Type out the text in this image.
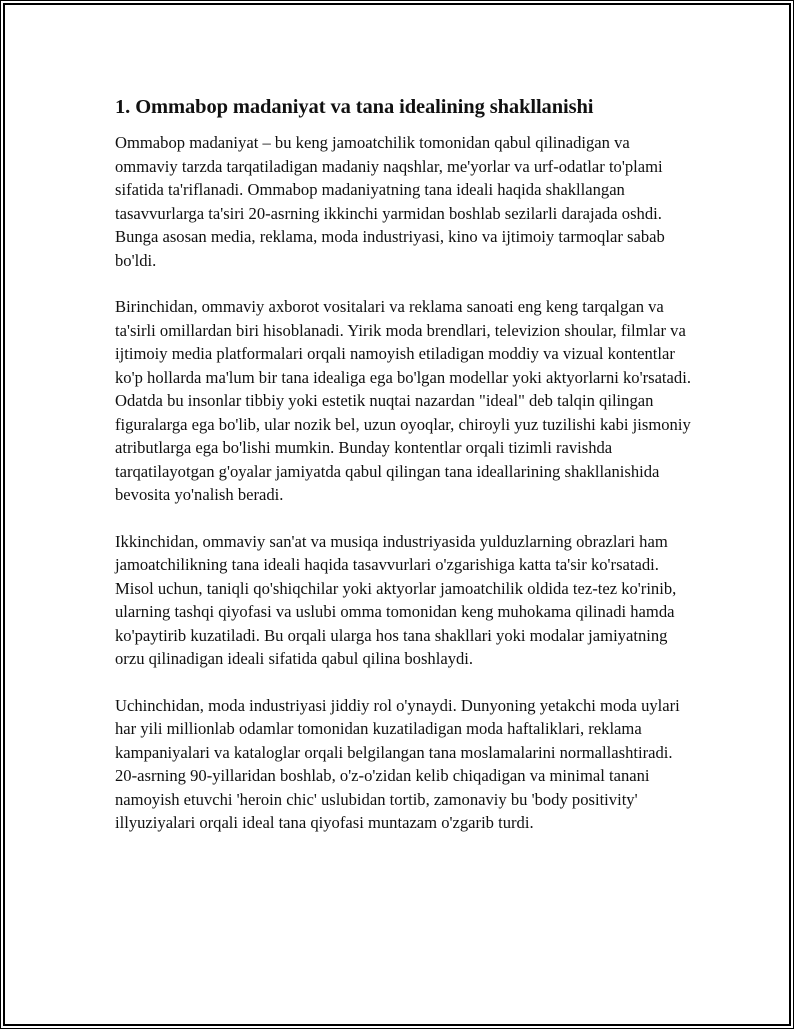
1. Ommabop madaniyat va tana idealining shakllanishi

Ommabop madaniyat – bu keng jamoatchilik tomonidan qabul qilinadigan va ommaviy tarzda tarqatiladigan madaniy naqshlar, me'yorlar va urf-odatlar to'plami sifatida ta'riflanadi. Ommabop madaniyatning tana ideali haqida shakllangan tasavvurlarga ta'siri 20-asrning ikkinchi yarmidan boshlab sezilarli darajada oshdi. Bunga asosan media, reklama, moda industriyasi, kino va ijtimoiy tarmoqlar sabab bo'ldi.

Birinchidan, ommaviy axborot vositalari va reklama sanoati eng keng tarqalgan va ta'sirli omillardan biri hisoblanadi. Yirik moda brendlari, televizion shoular, filmlar va ijtimoiy media platformalari orqali namoyish etiladigan moddiy va vizual kontentlar ko'p hollarda ma'lum bir tana idealiga ega bo'lgan modellar yoki aktyorlarni ko'rsatadi. Odatda bu insonlar tibbiy yoki estetik nuqtai nazardan "ideal" deb talqin qilingan figuralarga ega bo'lib, ular nozik bel, uzun oyoqlar, chiroyli yuz tuzilishi kabi jismoniy atributlarga ega bo'lishi mumkin. Bunday kontentlar orqali tizimli ravishda tarqatilayotgan g'oyalar jamiyatda qabul qilingan tana ideallarining shakllanishida bevosita yo'nalish beradi.

Ikkinchidan, ommaviy san'at va musiqa industriyasida yulduzlarning obrazlari ham jamoatchilikning tana ideali haqida tasavvurlari o'zgarishiga katta ta'sir ko'rsatadi. Misol uchun, taniqli qo'shiqchilar yoki aktyorlar jamoatchilik oldida tez-tez ko'rinib, ularning tashqi qiyofasi va uslubi omma tomonidan keng muhokama qilinadi hamda ko'paytirib kuzatiladi. Bu orqali ularga hos tana shakllari yoki modalar jamiyatning orzu qilinadigan ideali sifatida qabul qilina boshlaydi.

Uchinchidan, moda industriyasi jiddiy rol o'ynaydi. Dunyoning yetakchi moda uylari har yili millionlab odamlar tomonidan kuzatiladigan moda haftaliklari, reklama kampaniyalari va kataloglar orqali belgilangan tana moslamalarini normallashtiradi. 20-asrning 90-yillaridan boshlab, o'z-o'zidan kelib chiqadigan va minimal tanani namoyish etuvchi 'heroin chic' uslubidan tortib, zamonaviy bu 'body positivity' illyuziyalari orqali ideal tana qiyofasi muntazam o'zgarib turdi.
